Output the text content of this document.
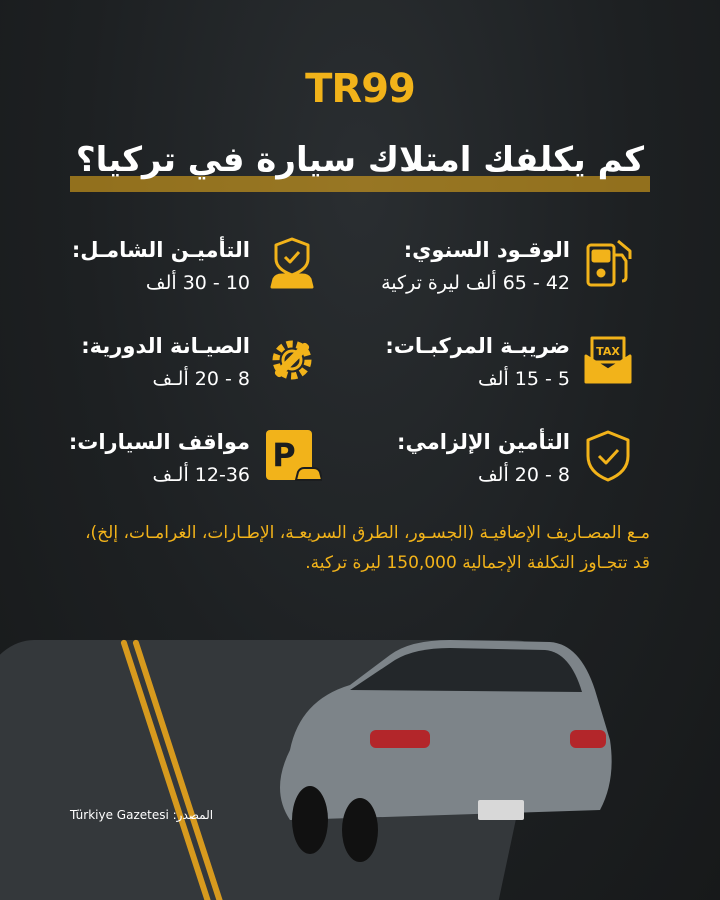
TR99
كم يكلفك امتلاك سيارة في تركيا؟
الوقـود السنوي:
42 - 65 ألف ليرة تركية
التأميـن الشامـل:
10 - 30 ألف
TAX
ضريبـة المركبـات:
5 - 15 ألف
الصيـانة الدورية:
8 - 20 ألـف
التأمين الإلزامي:
8 - 20 ألف
P
مواقف السيارات:
12-36 ألـف
مـع المصـاريف الإضافيـة (الجسـور، الطرق السريعـة، الإطـارات، الغرامـات، إلخ)، قد تتجـاوز التكلفة الإجمالية 150,000 ليرة تركية.
المصدر: Türkiye Gazetesi
